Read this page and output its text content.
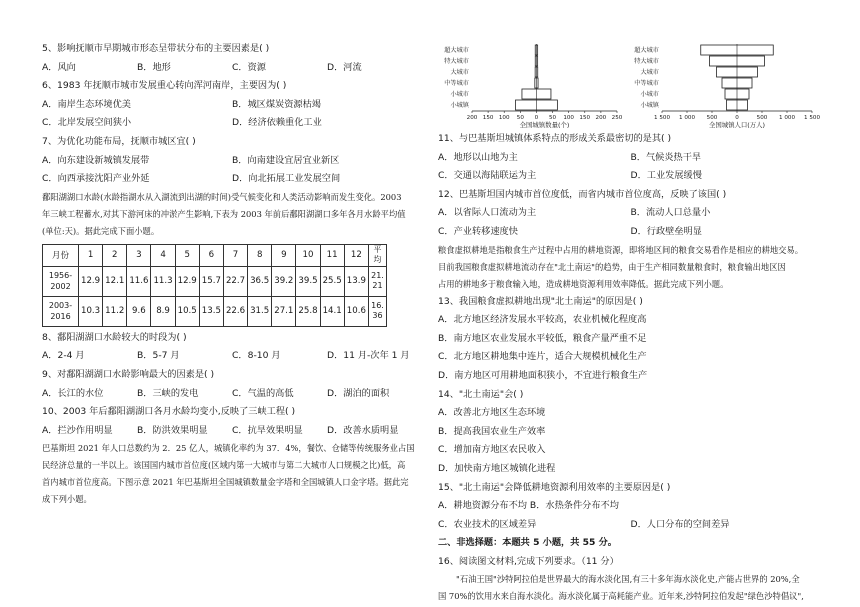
5、影响抚顺市早期城市形态呈带状分布的主要因素是( )
A．风向	B．地形	C．资源	D．河流
6、1983 年抚顺市城市发展重心转向浑河南岸，主要因为( )
A．南岸生态环境优美	B．城区煤炭资源枯竭
C．北岸发展空间狭小	D．经济依赖重化工业
7、为优化功能布局，抚顺市城区宜( )
A．向东建设新城镇发展带	B．向南建设宜居宜业新区
C．向西承接沈阳产业外延	D．向北拓展工业发展空间
鄱阳湖湖口水龄(水龄指湖水从入湖流到出湖的时间)受气候变化和人类活动影响而发生变化。2003
年三峡工程蓄水,对其下游河床的冲淤产生影响,下表为 2003 年前后鄱阳湖湖口多年各月水龄平均值
(单位:天)。据此完成下面小题。
月份	1	2	3	4	5	6	7	8	9	10	11	12	平均
1956-2002	12.9	12.1	11.6	11.3	12.9	15.7	22.7	36.5	39.2	39.5	25.5	13.9	21.21
2003-2016	10.3	11.2	9.6	8.9	10.5	13.5	22.6	31.5	27.1	25.8	14.1	10.6	16.36
8、鄱阳湖湖口水龄较大的时段为( )
A．2-4 月	B．5-7 月	C．8-10 月	D．11 月-次年 1 月
9、对鄱阳湖湖口水龄影响最大的因素是( )
A．长江的水位	B．三峡的发电	C．气温的高低	D．湖泊的面积
10、2003 年后鄱阳湖湖口各月水龄均变小,反映了三峡工程( )
A．拦沙作用明显	B．防洪效果明显	C．抗旱效果明显	D．改善水质明显
巴基斯坦 2021 年人口总数约为 2．25 亿人，城镇化率约为 37．4%，餐饮、仓储等传统服务业占国
民经济总量的一半以上。该国国内城市首位度(区域内第一大城市与第二大城市人口规模之比)低，高
首内城市首位度高。下图示意 2021 年巴基斯坦全国城镇数量金字塔和全国城镇人口金字塔。据此完
成下列小题。
超大城市
特大城市
大城市
中等城市
小城市
小城镇
200 150 100 50 0 50 100 150 200 250
全国城镇数量(个)
超大城市
特大城市
大城市
中等城市
小城市
小城镇
1 500 1 000 500	0	500 1 000 1 500
全国城镇人口(万人)
11、与巴基斯坦城镇体系特点的形成关系最密切的是其( )
A．地形以山地为主	B．气候炎热干旱
C．交通以海陆联运为主	D．工业发展缓慢
12、巴基斯坦国内城市首位度低，而省内城市首位度高，反映了该国( )
A．以省际人口流动为主	B．流动人口总量小
C．产业转移速度快	D．行政壁垒明显
粮食虚拟耕地是指粮食生产过程中占用的耕地资源，即将地区间的粮食交易看作是相应的耕地交易。
目前我国粮食虚拟耕地流动存在"北土南运"的趋势，由于生产相同数量粮食时，粮食输出地区因
占用的耕地多于粮食输入地，造成耕地资源利用效率降低。据此完成下列小题。
13、我国粮食虚拟耕地出现"北土南运"的原因是( )
A．北方地区经济发展水平较高，农业机械化程度高
B．南方地区农业发展水平较低，粮食产量严重不足
C．北方地区耕地集中连片，适合大规模机械化生产
D．南方地区可用耕地面积狭小，不宜进行粮食生产
14、"北土南运"会( )
A．改善北方地区生态环境
B．提高我国农业生产效率
C．增加南方地区农民收入
D．加快南方地区城镇化进程
15、"北土南运"会降低耕地资源利用效率的主要原因是( )
A．耕地资源分布不均 B．水热条件分布不均
C．农业技术的区域差异	D．人口分布的空间差异
二、非选择题：本题共 5 小题，共 55 分。
16、阅读图文材料,完成下列要求。（11 分）
"石油王国"沙特阿拉伯是世界最大的海水淡化国,有三十多年海水淡化史,产能占世界的 20%,全
国 70%的饮用水来自海水淡化。海水淡化属于高耗能产业。近年来,沙特阿拉伯发起"绿色沙特倡议",
